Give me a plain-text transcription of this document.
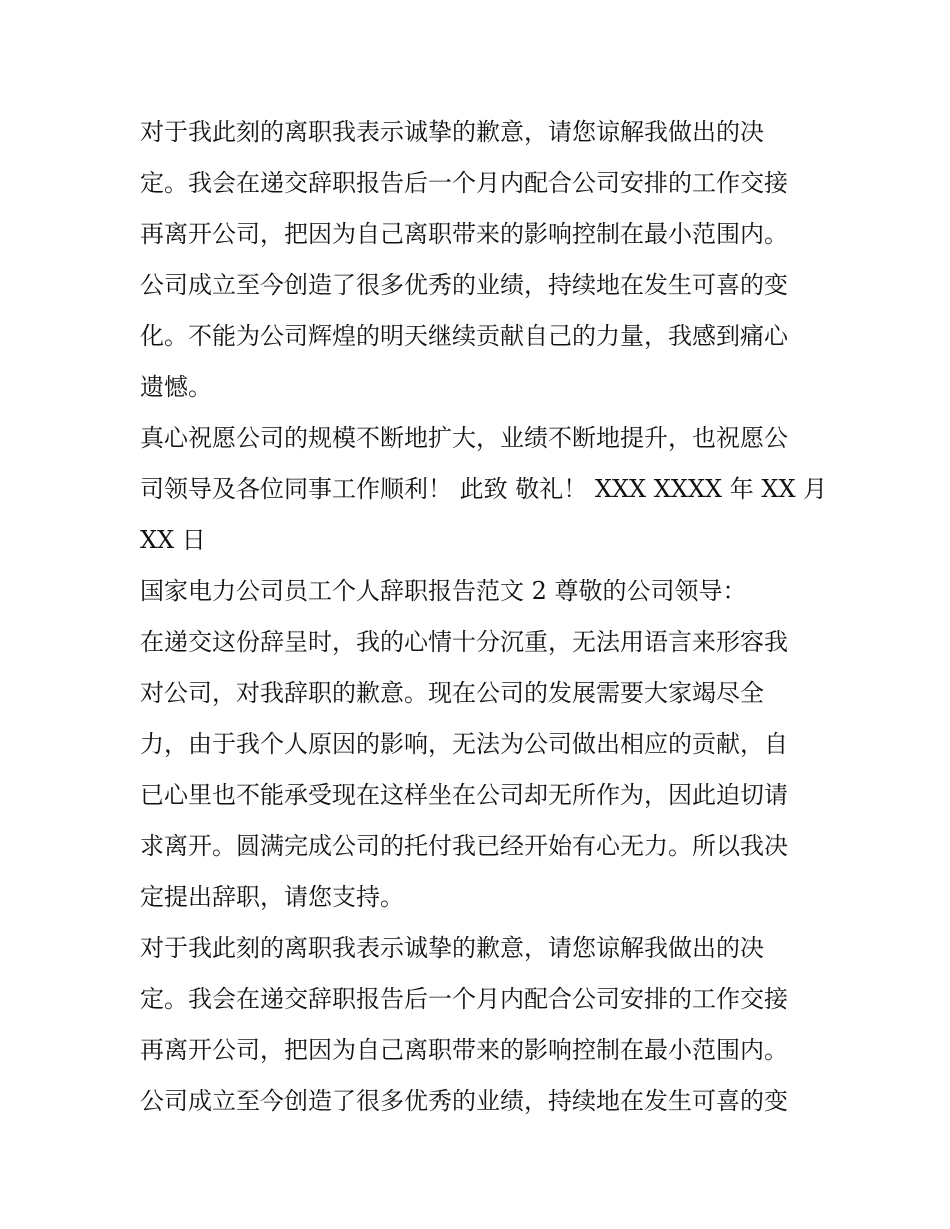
对于我此刻的离职我表示诚挚的歉意，请您谅解我做出的决
定。我会在递交辞职报告后一个月内配合公司安排的工作交接
再离开公司，把因为自己离职带来的影响控制在最小范围内。
公司成立至今创造了很多优秀的业绩，持续地在发生可喜的变
化。不能为公司辉煌的明天继续贡献自己的力量，我感到痛心
遗憾。
真心祝愿公司的规模不断地扩大，业绩不断地提升，也祝愿公
司领导及各位同事工作顺利！ 此致 敬礼！ XXX XXXX 年 XX 月
XX 日
国家电力公司员工个人辞职报告范文 2 尊敬的公司领导：
在递交这份辞呈时，我的心情十分沉重，无法用语言来形容我
对公司，对我辞职的歉意。现在公司的发展需要大家竭尽全
力，由于我个人原因的影响，无法为公司做出相应的贡献，自
已心里也不能承受现在这样坐在公司却无所作为，因此迫切请
求离开。圆满完成公司的托付我已经开始有心无力。所以我决
定提出辞职，请您支持。
对于我此刻的离职我表示诚挚的歉意，请您谅解我做出的决
定。我会在递交辞职报告后一个月内配合公司安排的工作交接
再离开公司，把因为自己离职带来的影响控制在最小范围内。
公司成立至今创造了很多优秀的业绩，持续地在发生可喜的变
